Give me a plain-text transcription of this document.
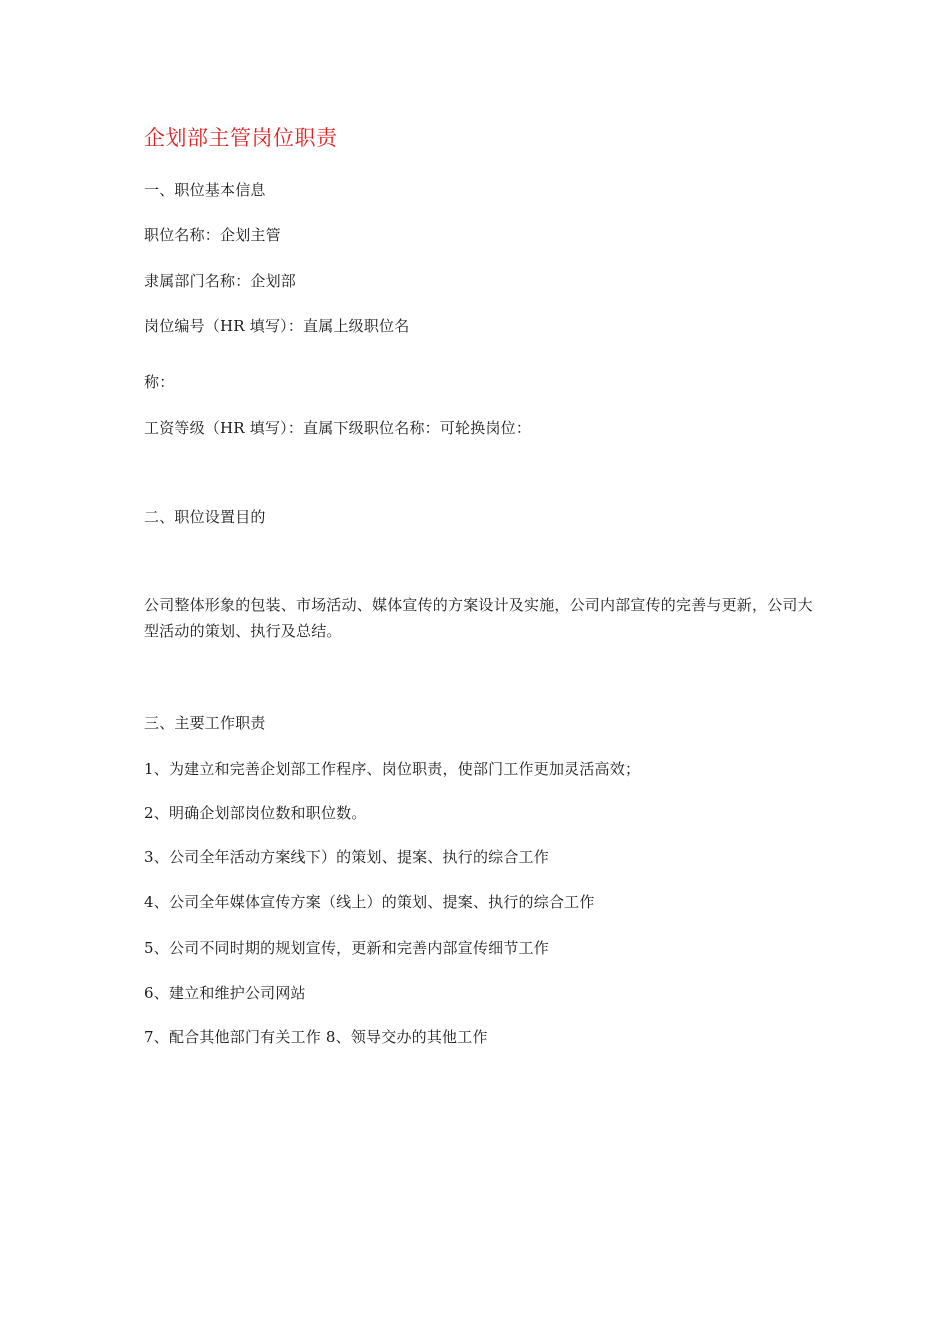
企划部主管岗位职责
一、职位基本信息
职位名称：企划主管
隶属部门名称：企划部
岗位编号（HR 填写）：直属上级职位名
称：
工资等级（HR 填写）：直属下级职位名称：可轮换岗位：
二、职位设置目的
公司整体形象的包装、市场活动、媒体宣传的方案设计及实施，公司内部宣传的完善与更新，公司大型活动的策划、执行及总结。
三、主要工作职责
1、为建立和完善企划部工作程序、岗位职责，使部门工作更加灵活高效；
2、明确企划部岗位数和职位数。
3、公司全年活动方案线下）的策划、提案、执行的综合工作
4、公司全年媒体宣传方案（线上）的策划、提案、执行的综合工作
5、公司不同时期的规划宣传，更新和完善内部宣传细节工作
6、建立和维护公司网站
7、配合其他部门有关工作 8、领导交办的其他工作
